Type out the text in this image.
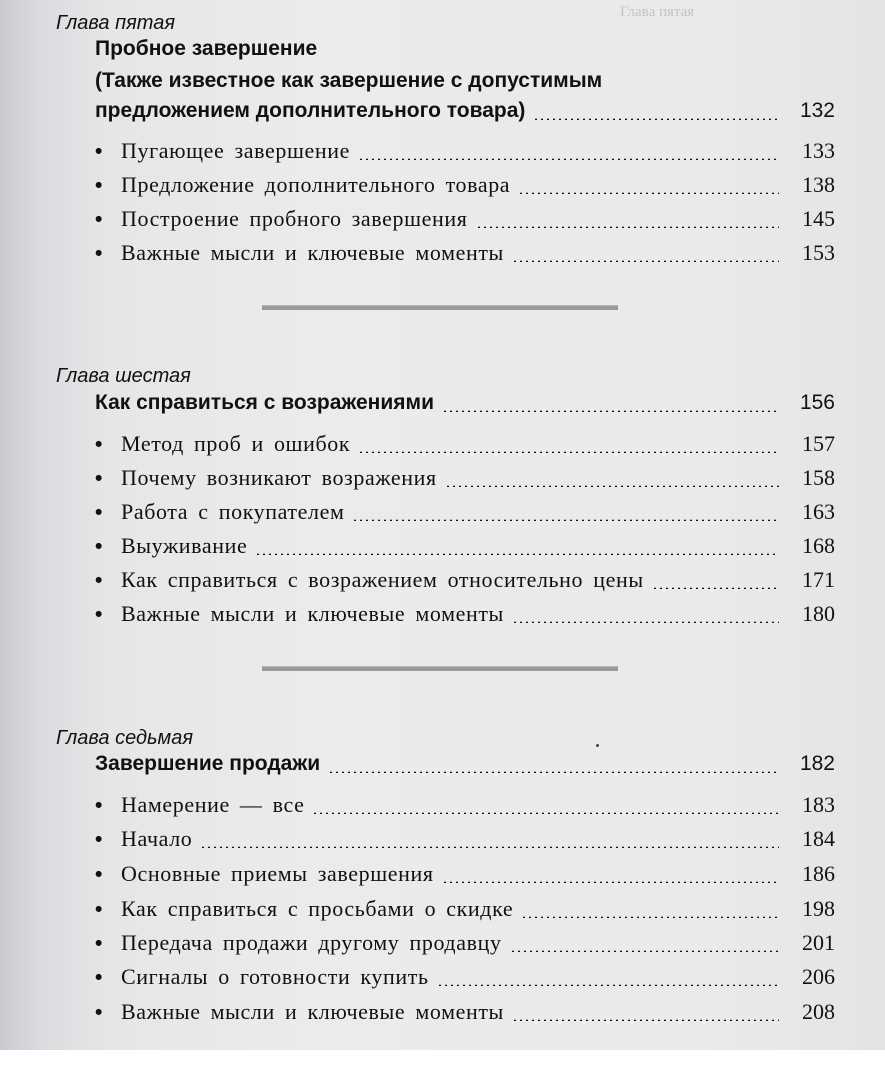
Глава пятая
Глава пятая
Пробное завершение
(Также известное как завершение с допустимым
предложением дополнительного товара)	132
• Пугающее завершение	133
• Предложение дополнительного товара	138
• Построение пробного завершения	145
• Важные мысли и ключевые моменты	153
Глава шестая
Как справиться с возражениями	156
• Метод проб и ошибок	157
• Почему возникают возражения	158
• Работа с покупателем	163
• Выуживание	168
• Как справиться с возражением относительно цены	171
• Важные мысли и ключевые моменты	180
Глава седьмая
Завершение продажи	182
• Намерение — все	183
• Начало	184
• Основные приемы завершения	186
• Как справиться с просьбами о скидке	198
• Передача продажи другому продавцу	201
• Сигналы о готовности купить	206
• Важные мысли и ключевые моменты	208
